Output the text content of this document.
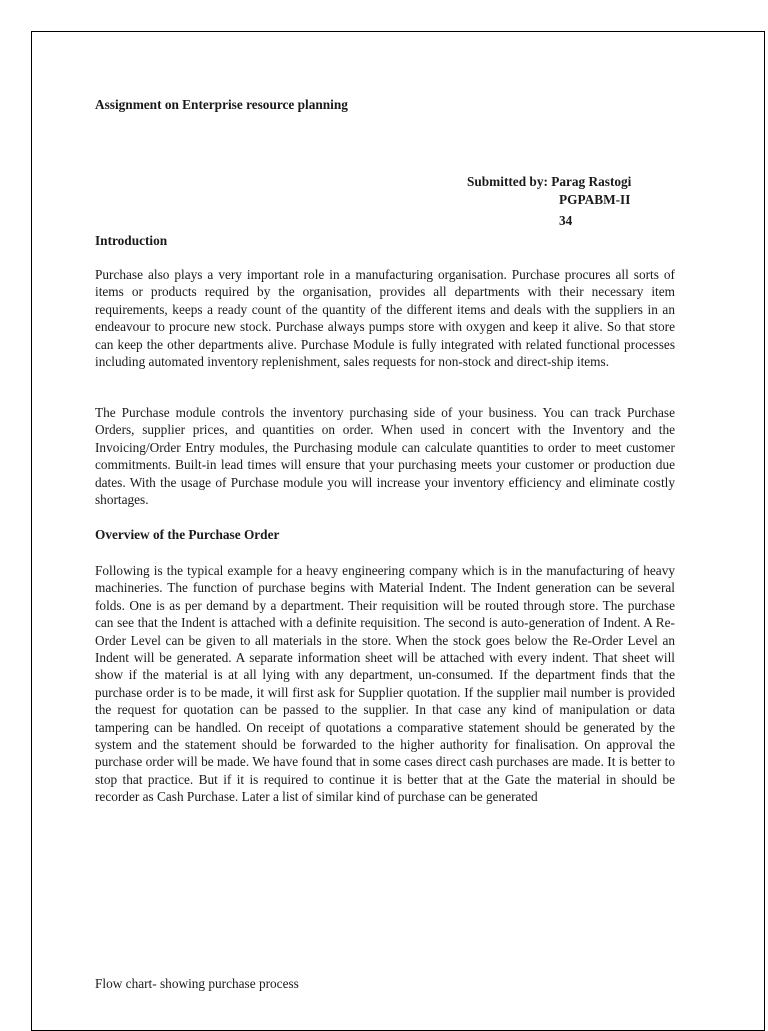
Assignment on Enterprise resource planning
Submitted by: Parag Rastogi
PGPABM-II
34
Introduction
Purchase also plays a very important role in a manufacturing organisation. Purchase procures all sorts of items or products required by the organisation, provides all departments with their necessary item requirements, keeps a ready count of the quantity of the different items and deals with the suppliers in an endeavour to procure new stock. Purchase always pumps store with oxygen and keep it alive. So that store can keep the other departments alive. Purchase Module is fully integrated with related functional processes including automated inventory replenishment, sales requests for non-stock and direct-ship items.
The Purchase module controls the inventory purchasing side of your business. You can track Purchase Orders, supplier prices, and quantities on order. When used in concert with the Inventory and the Invoicing/Order Entry modules, the Purchasing module can calculate quantities to order to meet customer commitments. Built-in lead times will ensure that your purchasing meets your customer or production due dates. With the usage of Purchase module you will increase your inventory efficiency and eliminate costly shortages.
Overview of the Purchase Order
Following is the typical example for a heavy engineering company which is in the manufacturing of heavy machineries. The function of purchase begins with Material Indent. The Indent generation can be several folds. One is as per demand by a department. Their requisition will be routed through store. The purchase can see that the Indent is attached with a definite requisition. The second is auto-generation of Indent. A Re-Order Level can be given to all materials in the store. When the stock goes below the Re-Order Level an Indent will be generated. A separate information sheet will be attached with every indent. That sheet will show if the material is at all lying with any department, un-consumed. If the department finds that the purchase order is to be made, it will first ask for Supplier quotation. If the supplier mail number is provided the request for quotation can be passed to the supplier. In that case any kind of manipulation or data tampering can be handled. On receipt of quotations a comparative statement should be generated by the system and the statement should be forwarded to the higher authority for finalisation. On approval the purchase order will be made. We have found that in some cases direct cash purchases are made. It is better to stop that practice. But if it is required to continue it is better that at the Gate the material in should be recorder as Cash Purchase. Later a list of similar kind of purchase can be generated
Flow chart- showing purchase process
